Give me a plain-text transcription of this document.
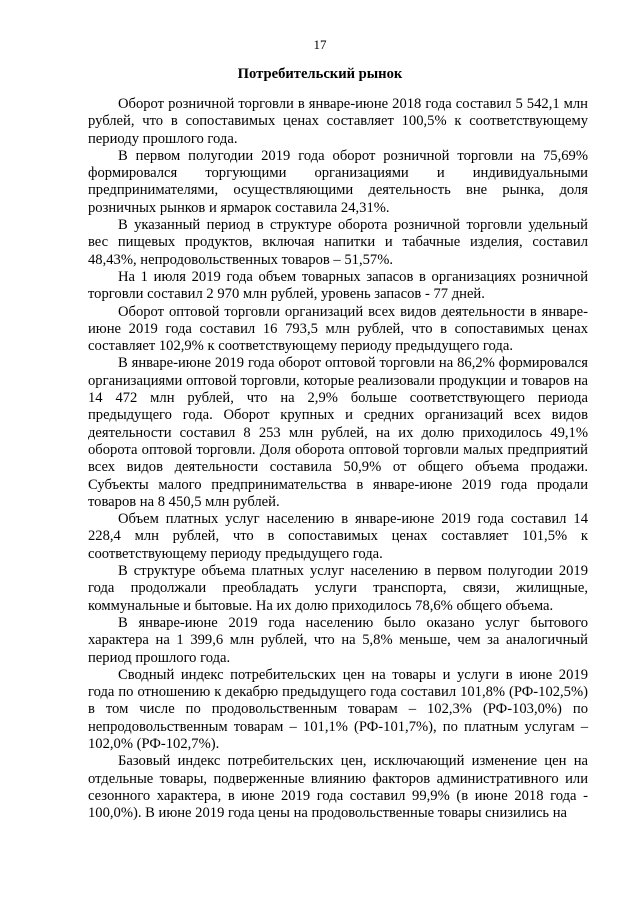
17
Потребительский рынок

Оборот розничной торговли в январе-июне 2018 года составил 5 542,1 млн рублей, что в сопоставимых ценах составляет 100,5% к соответствующему периоду прошлого года.

В первом полугодии 2019 года оборот розничной торговли на 75,69% формировался торгующими организациями и индивидуальными предпринимателями, осуществляющими деятельность вне рынка, доля розничных рынков и ярмарок составила 24,31%.

В указанный период в структуре оборота розничной торговли удельный вес пищевых продуктов, включая напитки и табачные изделия, составил 48,43%, непродовольственных товаров – 51,57%.

На 1 июля 2019 года объем товарных запасов в организациях розничной торговли составил 2 970 млн рублей, уровень запасов - 77 дней.

Оборот оптовой торговли организаций всех видов деятельности в январе-июне 2019 года составил 16 793,5 млн рублей, что в сопоставимых ценах составляет 102,9% к соответствующему периоду предыдущего года.

В январе-июне 2019 года оборот оптовой торговли на 86,2% формировался организациями оптовой торговли, которые реализовали продукции и товаров на 14 472 млн рублей, что на 2,9% больше соответствующего периода предыдущего года. Оборот крупных и средних организаций всех видов деятельности составил 8 253 млн рублей, на их долю приходилось 49,1% оборота оптовой торговли. Доля оборота оптовой торговли малых предприятий всех видов деятельности составила 50,9% от общего объема продажи. Субъекты малого предпринимательства в январе-июне 2019 года продали товаров на 8 450,5 млн рублей.

Объем платных услуг населению в январе-июне 2019 года составил 14 228,4 млн рублей, что в сопоставимых ценах составляет 101,5% к соответствующему периоду предыдущего года.

В структуре объема платных услуг населению в первом полугодии 2019 года продолжали преобладать услуги транспорта, связи, жилищные, коммунальные и бытовые. На их долю приходилось 78,6% общего объема.

В январе-июне 2019 года населению было оказано услуг бытового характера на 1 399,6 млн рублей, что на 5,8% меньше, чем за аналогичный период прошлого года.

Сводный индекс потребительских цен на товары и услуги в июне 2019 года по отношению к декабрю предыдущего года составил 101,8% (РФ-102,5%) в том числе по продовольственным товарам – 102,3% (РФ-103,0%) по непродовольственным товарам – 101,1% (РФ-101,7%), по платным услугам – 102,0% (РФ-102,7%).

Базовый индекс потребительских цен, исключающий изменение цен на отдельные товары, подверженные влиянию факторов административного или сезонного характера, в июне 2019 года составил 99,9% (в июне 2018 года - 100,0%). В июне 2019 года цены на продовольственные товары снизились на
